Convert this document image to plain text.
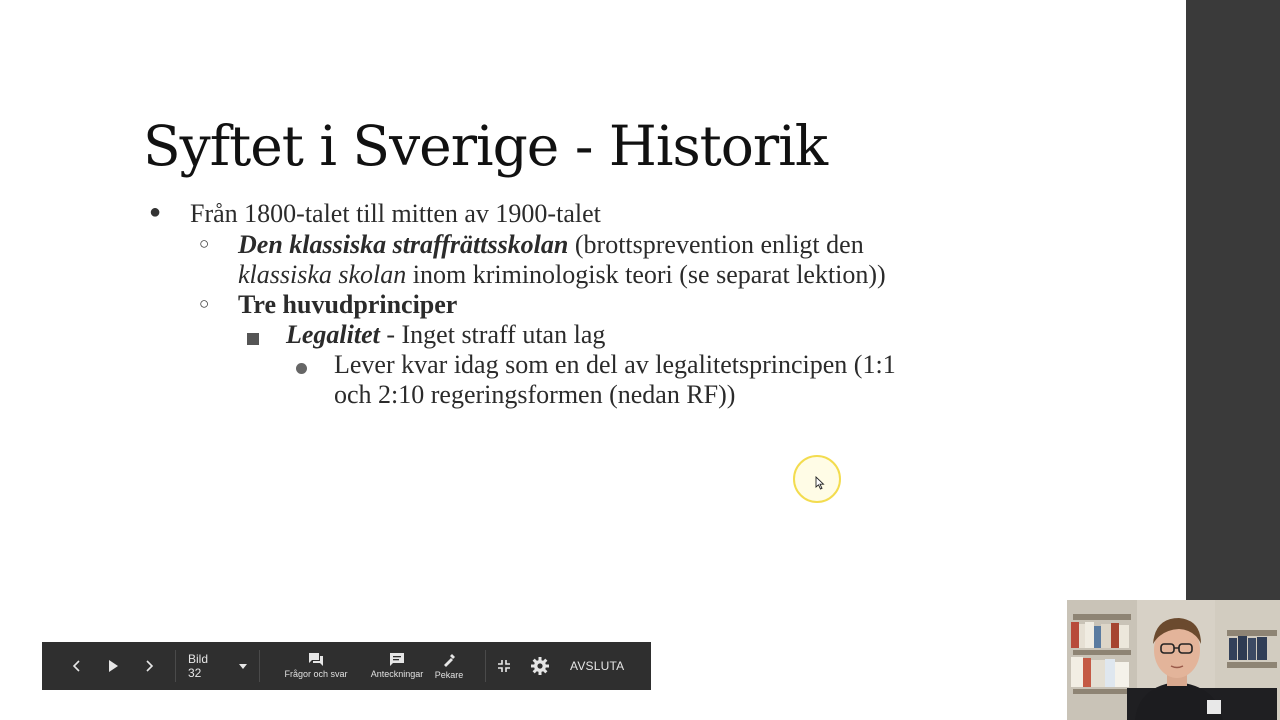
Syftet i Sverige - Historik
● Från 1800-talet till mitten av 1900-talet
○ Den klassiska straffrättsskolan (brottsprevention enligt den
klassiska skolan inom kriminologisk teori (se separat lektion))
○ Tre huvudprinciper
Legalitet - Inget straff utan lag
Lever kvar idag som en del av legalitetsprincipen (1:1
och 2:10 regeringsformen (nedan RF))
Bild 32	Frågor och svar	Anteckningar Pekare
AVSLUTA
